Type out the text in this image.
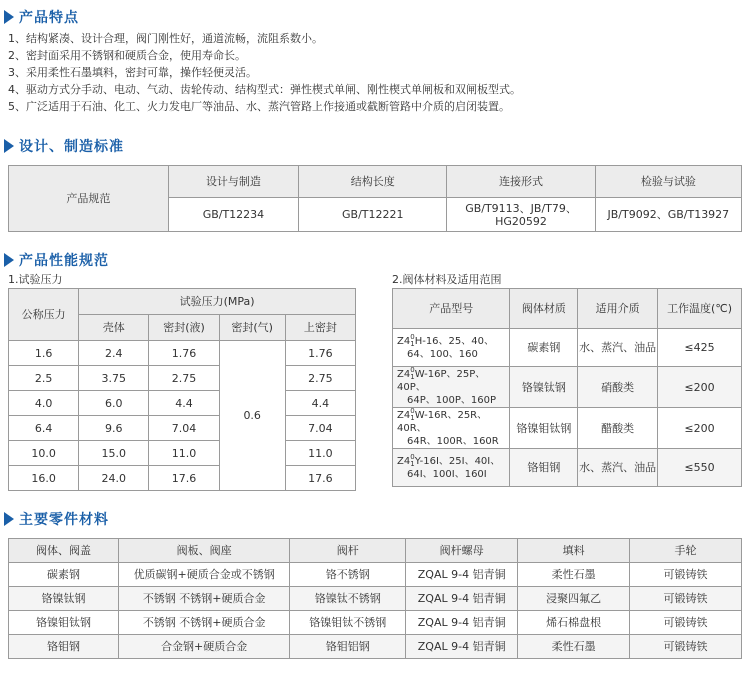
产品特点
1、结构紧凑、设计合理，阀门刚性好，通道流畅，流阻系数小。
2、密封面采用不锈钢和硬质合金，使用寿命长。
3、采用柔性石墨填料，密封可靠，操作轻便灵活。
4、驱动方式分手动、电动、气动、齿轮传动、结构型式：弹性楔式单闸、刚性楔式单闸板和双闸板型式。
5、广泛适用于石油、化工、火力发电厂等油品、水、蒸汽管路上作接通或截断管路中介质的启闭装置。
设计、制造标准
产品规范	设计与制造	结构长度	连接形式	检验与试验
	GB/T12234	GB/T12221	GB/T9113、JB/T79、HG20592	JB/T9092、GB/T13927
产品性能规范
1.试验压力	2.阀体材料及适用范围
公称压力	试验压力(MPa)			
	壳体	密封(液)	密封(气)	上密封
1.6	2.4	1.76	0.6	1.76
2.5	3.75	2.75		2.75
4.0	6.0	4.4		4.4
6.4	9.6	7.04		7.04
10.0	15.0	11.0		11.0
16.0	24.0	17.6		17.6
产品型号	阀体材质	适用介质	工作温度(℃)
Z4 0
1 H-16、25、40、
64、100、160	碳素钢	水、蒸汽、油品	≤425
Z4 0
1 W-16P、25P、40P、
64P、100P、160P	铬镍钛钢	硝酸类	≤200
Z4 0
1 W-16R、25R、40R、
64R、100R、160R	铬镍钼钛钢	醋酸类	≤200
Z4 0
1 Y-16I、25I、40I、
64I、100I、160I	铬钼钢	水、蒸汽、油品	≤550
主要零件材料
阀体、阀盖	阀板、阀座	阀杆	阀杆螺母	填料	手轮
碳素钢	优质碳钢+硬质合金或不锈钢	铬不锈钢	ZQAL 9-4 铝青铜	柔性石墨	可锻铸铁
铬镍钛钢	不锈钢 不锈钢+硬质合金	铬镍钛不锈钢	ZQAL 9-4 铝青铜	浸聚四氟乙	可锻铸铁
铬镍钼钛钢	不锈钢 不锈钢+硬质合金	铬镍钼钛不锈钢	ZQAL 9-4 铝青铜	烯石棉盘根	可锻铸铁
铬钼钢	合金钢+硬质合金	铬钼铝钢	ZQAL 9-4 铝青铜	柔性石墨	可锻铸铁
